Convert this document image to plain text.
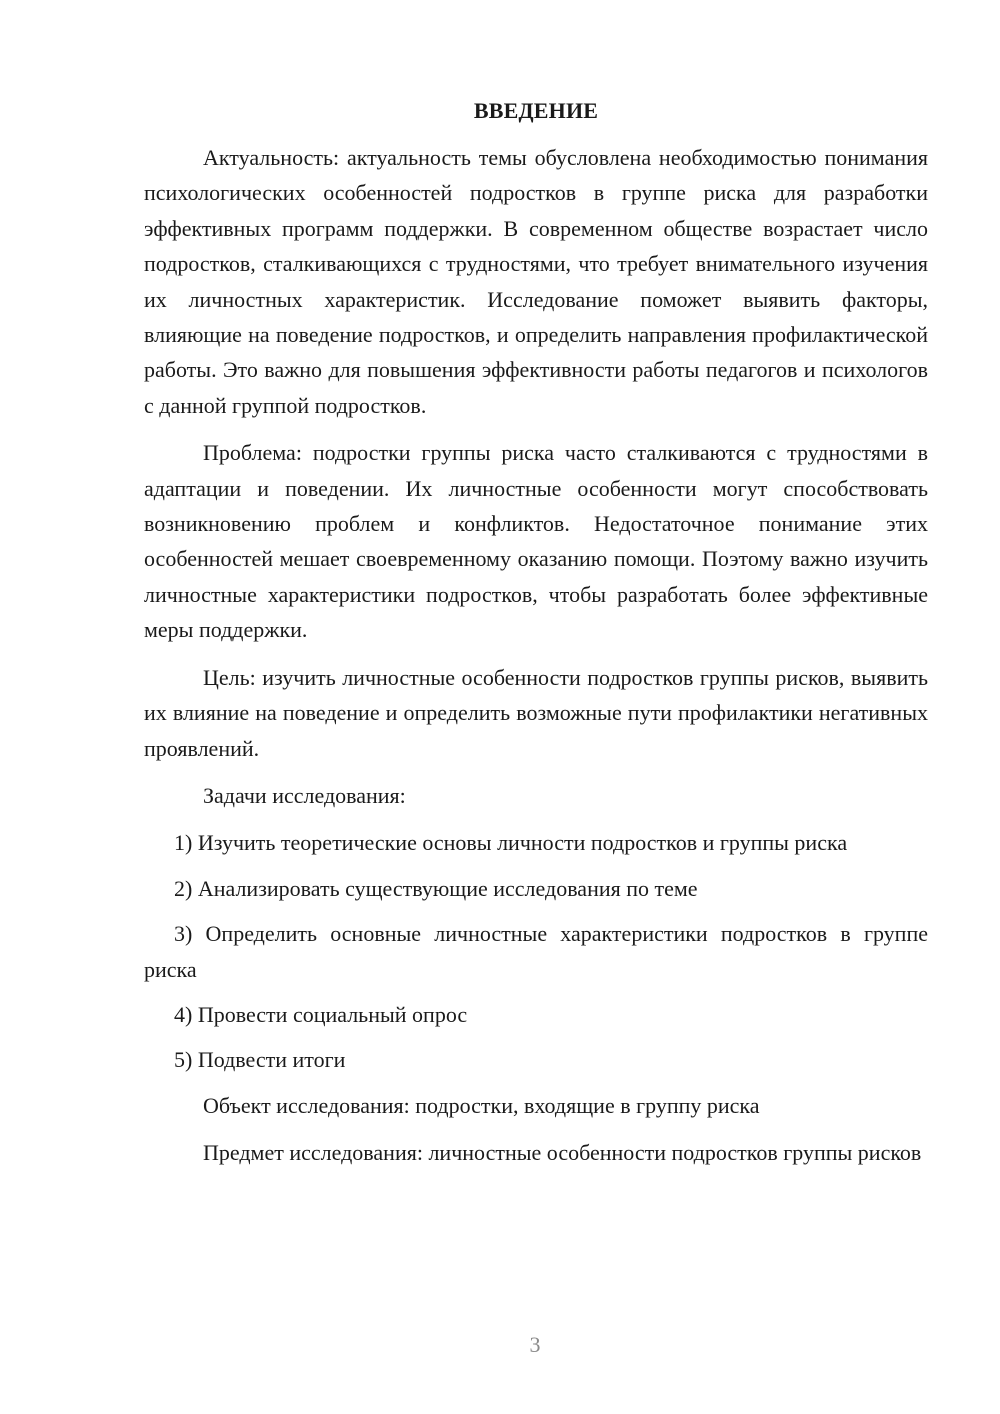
ВВЕДЕНИЕ

Актуальность: актуальность темы обусловлена необходимостью понимания психологических особенностей подростков в группе риска для разработки эффективных программ поддержки. В современном обществе возрастает число подростков, сталкивающихся с трудностями, что требует внимательного изучения их личностных характеристик. Исследование поможет выявить факторы, влияющие на поведение подростков, и определить направления профилактической работы. Это важно для повышения эффективности работы педагогов и психологов с данной группой подростков.

Проблема: подростки группы риска часто сталкиваются с трудностями в адаптации и поведении. Их личностные особенности могут способствовать возникновению проблем и конфликтов. Недостаточное понимание этих особенностей мешает своевременному оказанию помощи. Поэтому важно изучить личностные характеристики подростков, чтобы разработать более эффективные меры поддержки.

Цель: изучить личностные особенности подростков группы рисков, выявить их влияние на поведение и определить возможные пути профилактики негативных проявлений.

Задачи исследования:

1) Изучить теоретические основы личности подростков и группы риска

2) Анализировать существующие исследования по теме

3) Определить основные личностные характеристики подростков в группе риска

4) Провести социальный опрос

5) Подвести итоги

Объект исследования: подростки, входящие в группу риска

Предмет исследования: личностные особенности подростков группы рисков

3
